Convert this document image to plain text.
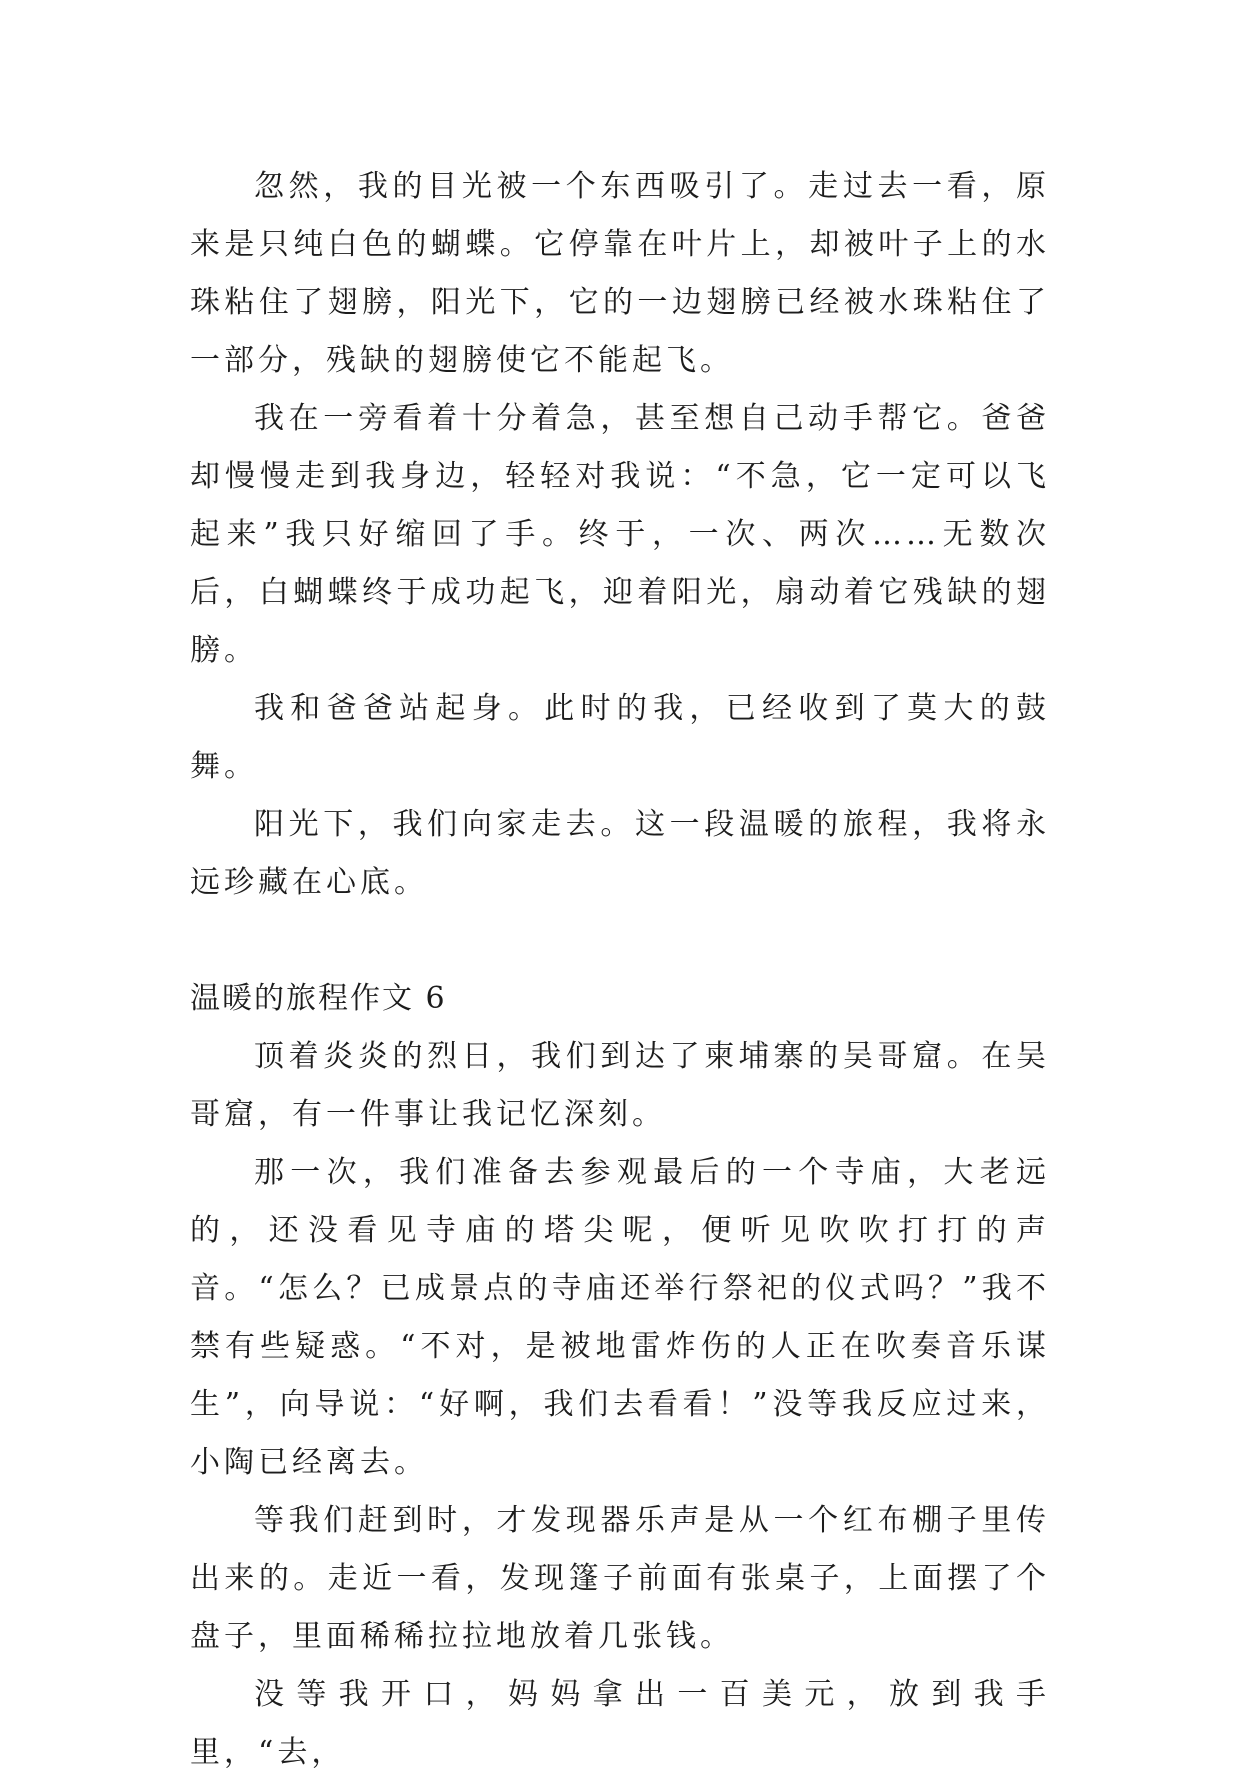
忽然，我的目光被一个东西吸引了。走过去一看，原来是只纯白色的蝴蝶。它停靠在叶片上，却被叶子上的水珠粘住了翅膀，阳光下，它的一边翅膀已经被水珠粘住了一部分，残缺的翅膀使它不能起飞。

我在一旁看着十分着急，甚至想自己动手帮它。爸爸却慢慢走到我身边，轻轻对我说：“不急，它一定可以飞起来”我只好缩回了手。终于，一次、两次……无数次后，白蝴蝶终于成功起飞，迎着阳光，扇动着它残缺的翅膀。

我和爸爸站起身。此时的我，已经收到了莫大的鼓舞。

阳光下，我们向家走去。这一段温暖的旅程，我将永远珍藏在心底。

温暖的旅程作文 6

顶着炎炎的烈日，我们到达了柬埔寨的吴哥窟。在吴哥窟，有一件事让我记忆深刻。

那一次，我们准备去参观最后的一个寺庙，大老远的，还没看见寺庙的塔尖呢，便听见吹吹打打的声音。“怎么？已成景点的寺庙还举行祭祀的仪式吗？”我不禁有些疑惑。“不对，是被地雷炸伤的人正在吹奏音乐谋生”，向导说：“好啊，我们去看看！”没等我反应过来，小陶已经离去。

等我们赶到时，才发现器乐声是从一个红布棚子里传出来的。走近一看，发现篷子前面有张桌子，上面摆了个盘子，里面稀稀拉拉地放着几张钱。

没等我开口，妈妈拿出一百美元，放到我手里，“去，
